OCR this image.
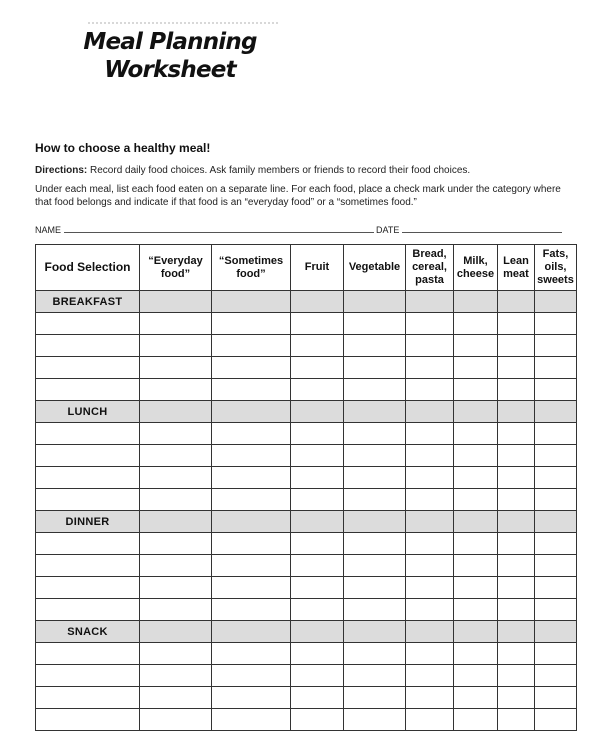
Meal Planning
Worksheet
How to choose a healthy meal!
Directions: Record daily food choices. Ask family members or friends to record their food choices.
Under each meal, list each food eaten on a separate line. For each food, place a check mark under the category where that food belongs and indicate if that food is an “everyday food” or a “sometimes food.”
NAME	DATE
Food Selection	“Everyday food”	“Sometimes food”	Fruit	Vegetable	Bread, cereal, pasta	Milk, cheese	Lean meat	Fats, oils, sweets
BREAKFAST								

LUNCH								

DINNER								

SNACK								
